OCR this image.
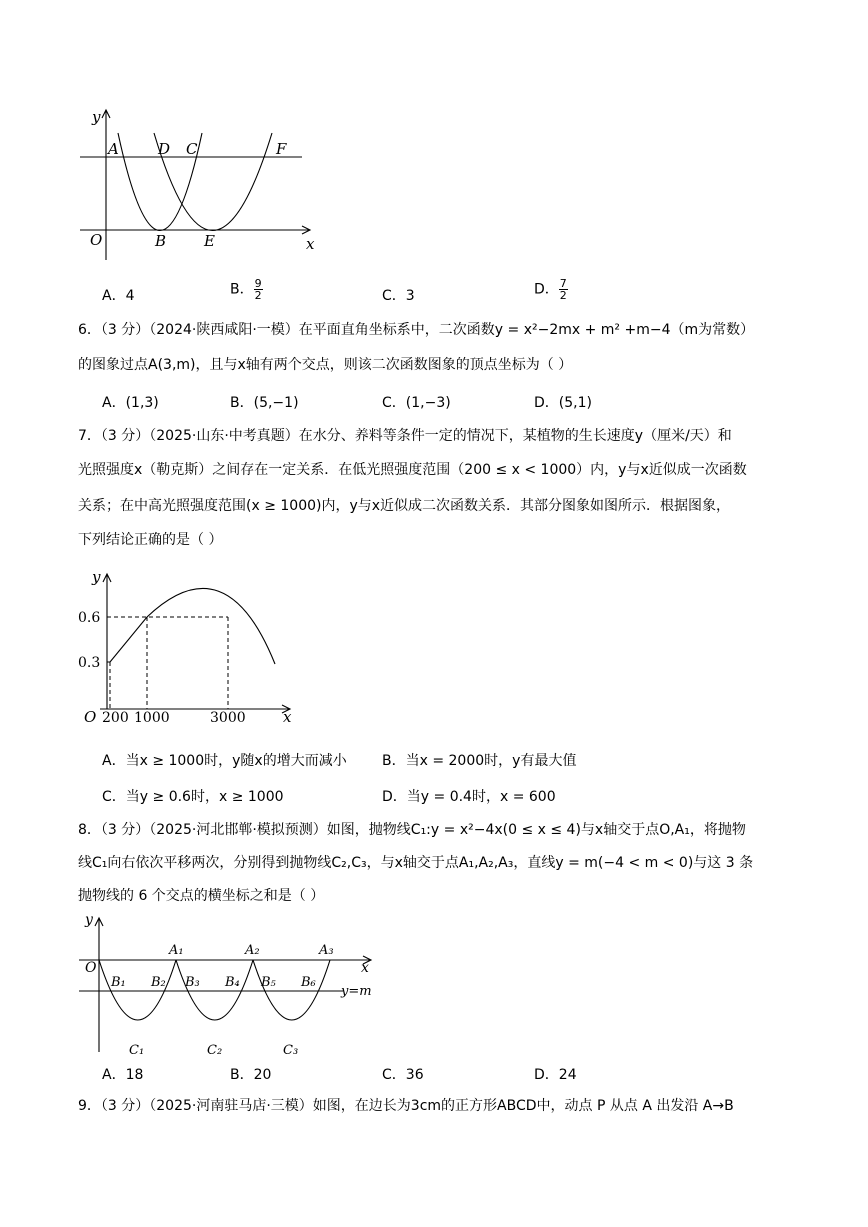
y
A	D C	F
O	B	E	x
A．4	B． $\frac{9}{2}$	C．3	D． $\frac{7}{2}$
6．（3 分）（2024·陕西咸阳·一模）在平面直角坐标系中，二次函数y = x²−2mx + m² +m−4（m为常数）
的图象过点A(3,m)，且与x轴有两个交点，则该二次函数图象的顶点坐标为（ ）
A．(1,3)	B．(5,−1)	C．(1,−3)	D．(5,1)
7．（3 分）（2025·山东·中考真题）在水分、养料等条件一定的情况下，某植物的生长速度y（厘米/天）和
光照强度x（勒克斯）之间存在一定关系．在低光照强度范围（200 ≤ x < 1000）内，y与x近似成一次函数
关系；在中高光照强度范围(x ≥ 1000)内，y与x近似成二次函数关系．其部分图象如图所示．根据图象，
下列结论正确的是（ ）
y
0.6
0.3
O 200 1000	3000 x
A．当x ≥ 1000时，y随x的增大而减小	B．当x = 2000时，y有最大值
C．当y ≥ 0.6时，x ≥ 1000	D．当y = 0.4时，x = 600
8．（3 分）（2025·河北邯郸·模拟预测）如图，抛物线C₁:y = x²−4x(0 ≤ x ≤ 4)与x轴交于点O,A₁，将抛物
线C₁向右依次平移两次，分别得到抛物线C₂,C₃，与x轴交于点A₁,A₂,A₃，直线y = m(−4 < m < 0)与这 3 条
抛物线的 6 个交点的横坐标之和是（ ）
y
O	x
A₁	A₂	A₃
B₁ B₂ B₃ B₄ B₅ B₆
y=m
C₁	C₂	C₃
A．18	B．20	C．36	D．24
9．（3 分）（2025·河南驻马店·三模）如图，在边长为3cm的正方形ABCD中，动点 P 从点 A 出发沿 A→B
